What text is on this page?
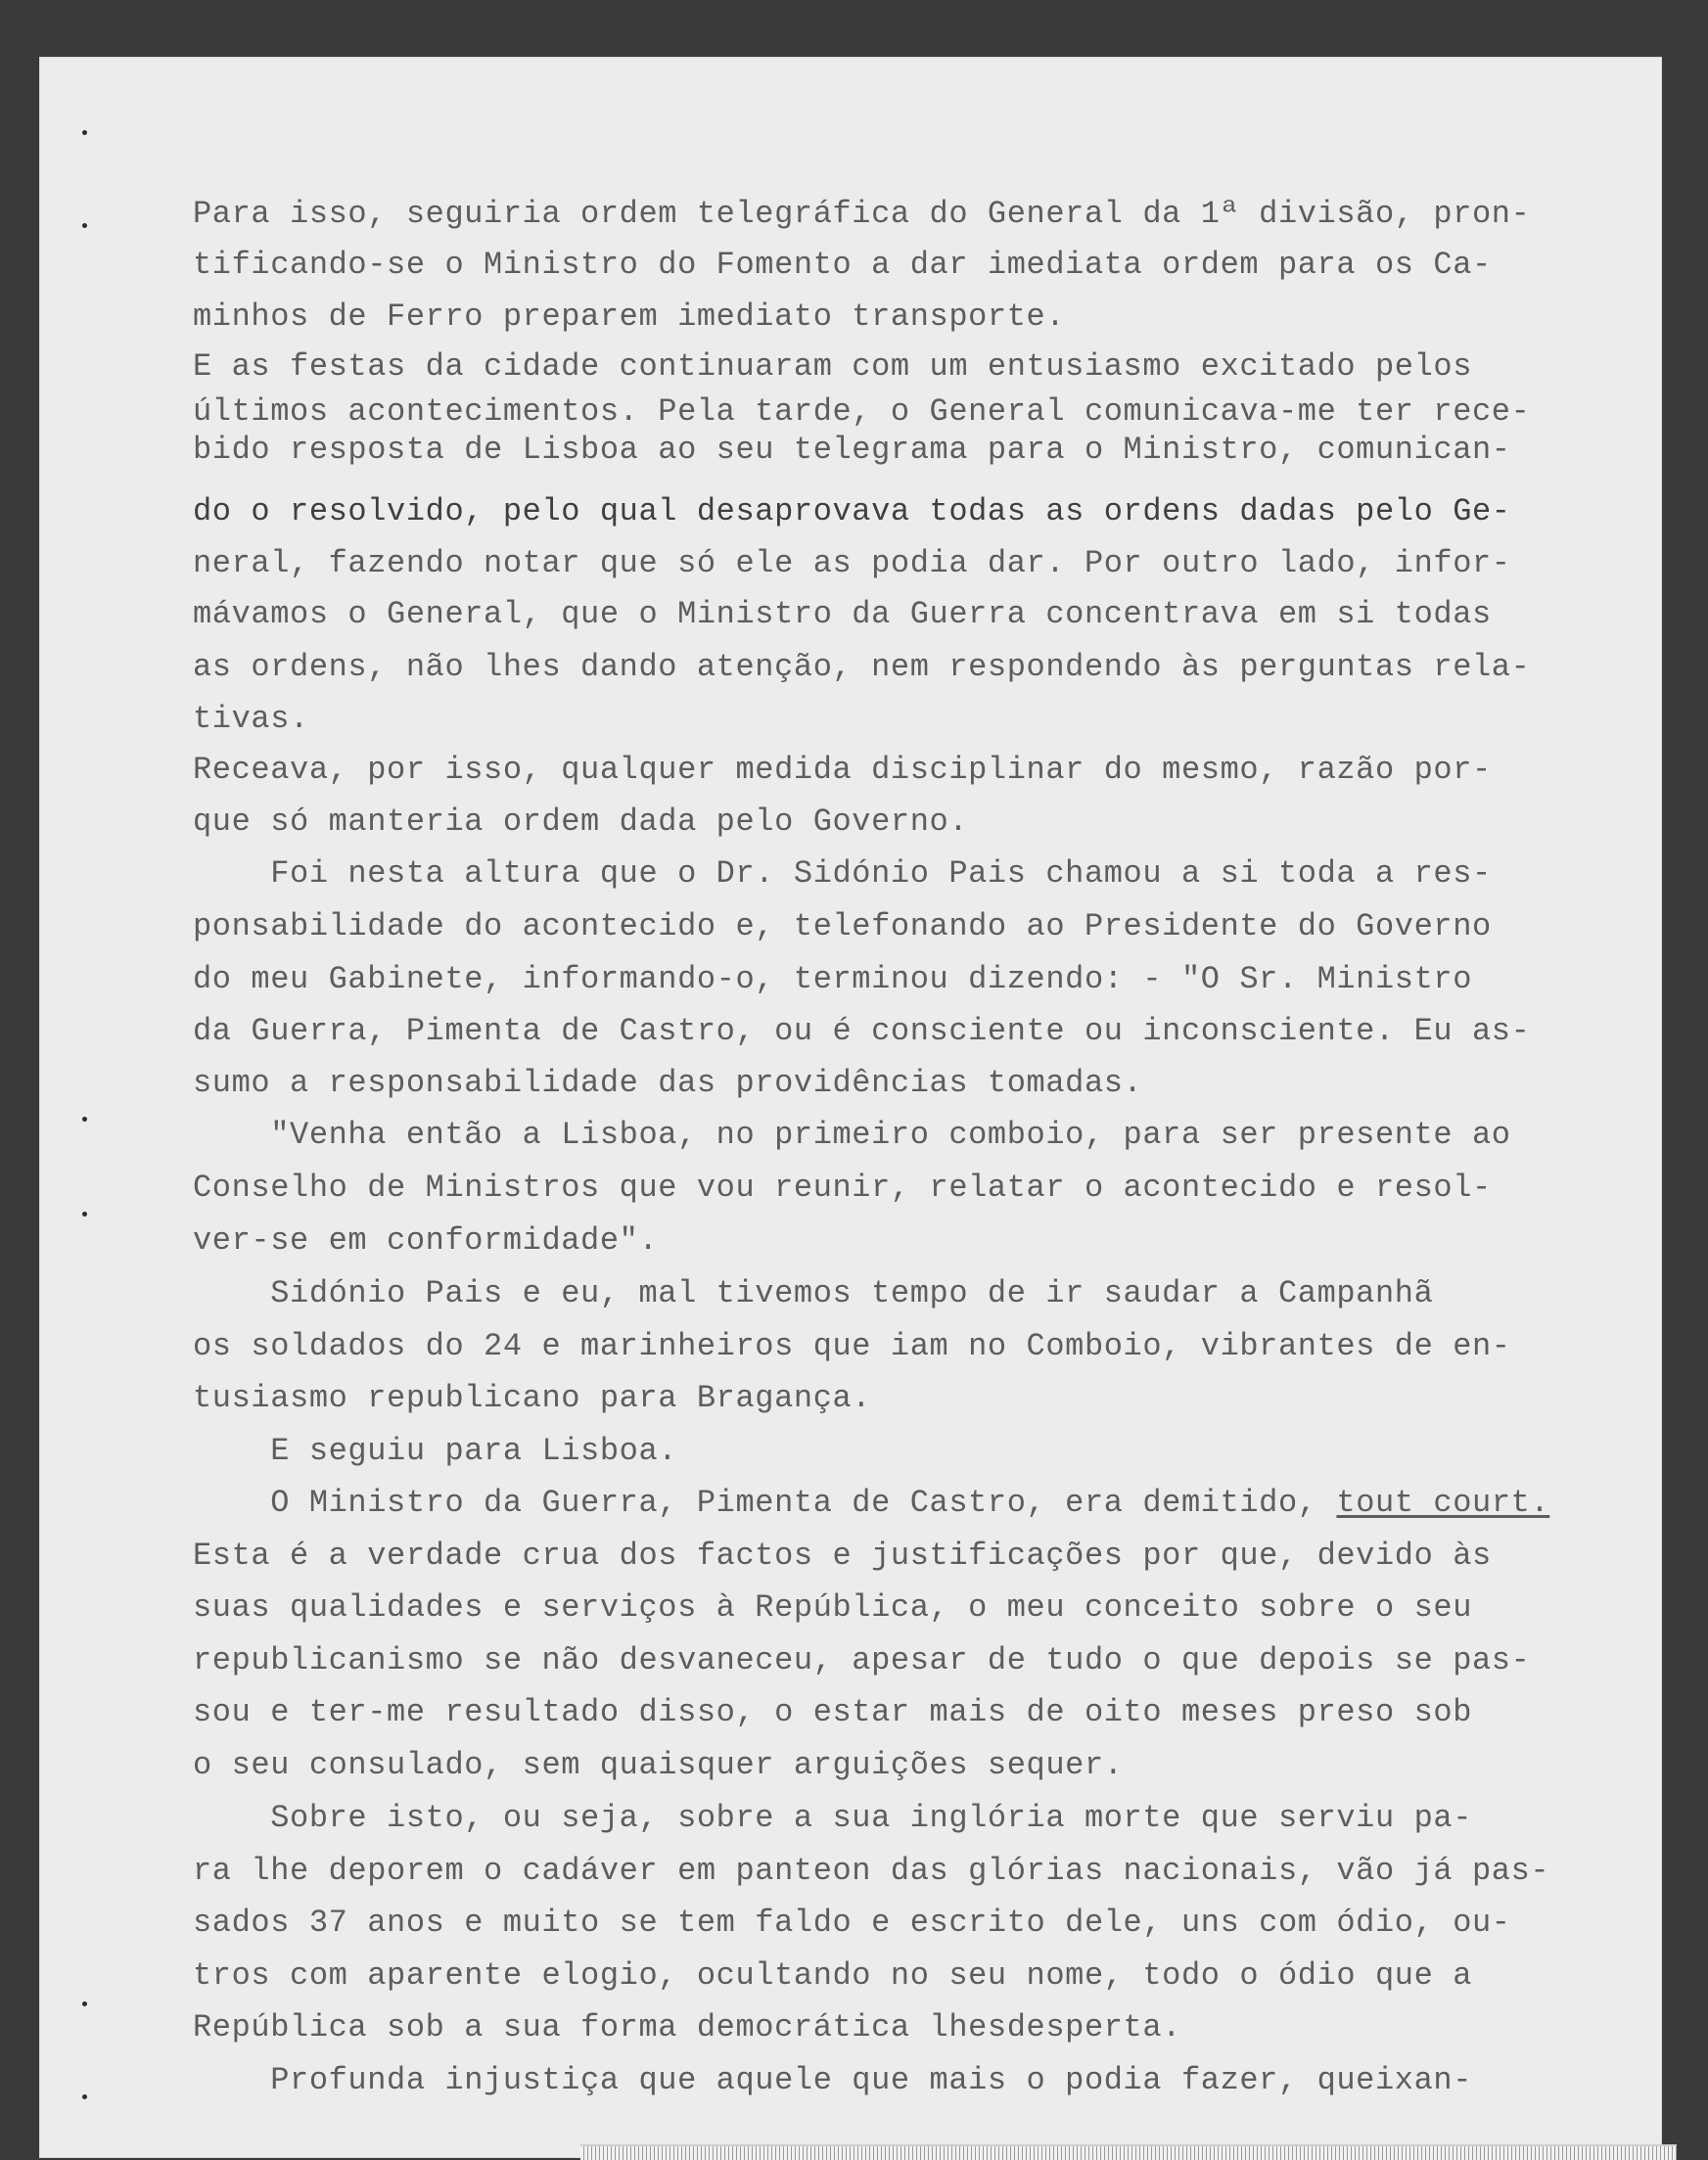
Para isso, seguiria ordem telegráfica do General da 1ª divisão, pron-
tificando-se o Ministro do Fomento a dar imediata ordem para os Ca-
minhos de Ferro preparem imediato transporte.
E as festas da cidade continuaram com um entusiasmo excitado pelos
últimos acontecimentos. Pela tarde, o General comunicava-me ter rece-
bido resposta de Lisboa ao seu telegrama para o Ministro, comunican-
do o resolvido, pelo qual desaprovava todas as ordens dadas pelo Ge-
neral, fazendo notar que só ele as podia dar. Por outro lado, infor-
mávamos o General, que o Ministro da Guerra concentrava em si todas
as ordens, não lhes dando atenção, nem respondendo às perguntas rela-
tivas.
Receava, por isso, qualquer medida disciplinar do mesmo, razão por-
que só manteria ordem dada pelo Governo.
Foi nesta altura que o Dr. Sidónio Pais chamou a si toda a res-
ponsabilidade do acontecido e, telefonando ao Presidente do Governo
do meu Gabinete, informando-o, terminou dizendo: - "O Sr. Ministro
da Guerra, Pimenta de Castro, ou é consciente ou inconsciente. Eu as-
sumo a responsabilidade das providências tomadas.
"Venha então a Lisboa, no primeiro comboio, para ser presente ao
Conselho de Ministros que vou reunir, relatar o acontecido e resol-
ver-se em conformidade".
Sidónio Pais e eu, mal tivemos tempo de ir saudar a Campanhã
os soldados do 24 e marinheiros que iam no Comboio, vibrantes de en-
tusiasmo republicano para Bragança.
E seguiu para Lisboa.
O Ministro da Guerra, Pimenta de Castro, era demitido, tout court.
Esta é a verdade crua dos factos e justificações por que, devido às
suas qualidades e serviços à República, o meu conceito sobre o seu
republicanismo se não desvaneceu, apesar de tudo o que depois se pas-
sou e ter-me resultado disso, o estar mais de oito meses preso sob
o seu consulado, sem quaisquer arguições sequer.
Sobre isto, ou seja, sobre a sua inglória morte que serviu pa-
ra lhe deporem o cadáver em panteon das glórias nacionais, vão já pas-
sados 37 anos e muito se tem faldo e escrito dele, uns com ódio, ou-
tros com aparente elogio, ocultando no seu nome, todo o ódio que a
República sob a sua forma democrática lhesdesperta.
Profunda injustiça que aquele que mais o podia fazer, queixan-
